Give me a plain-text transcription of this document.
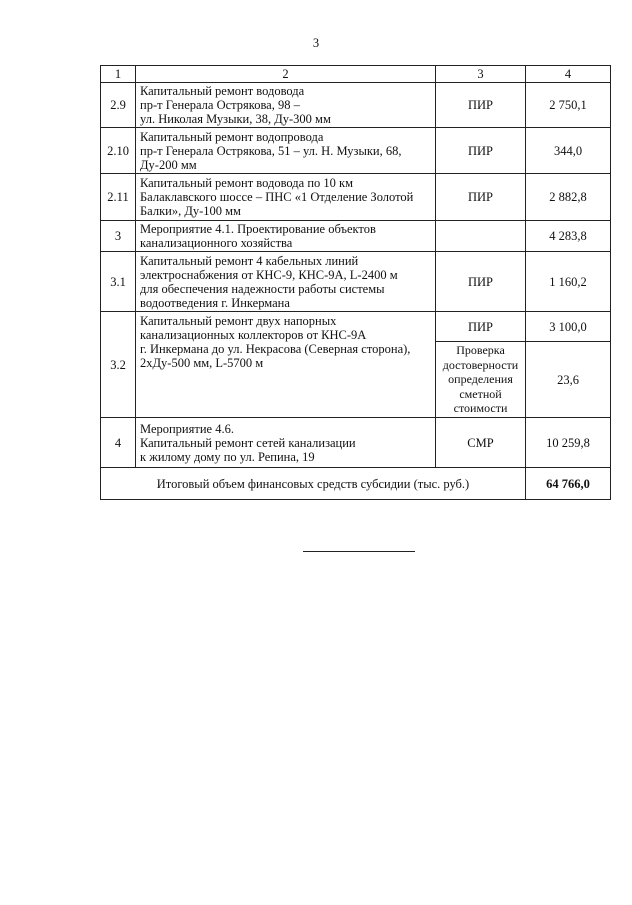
3
1	2	3	4
2.9	Капитальный ремонт водовода
пр-т Генерала Острякова, 98 –
ул. Николая Музыки, 38, Ду-300 мм	ПИР	2 750,1
2.10	Капитальный ремонт водопровода
пр-т Генерала Острякова, 51 – ул. Н. Музыки, 68,
Ду-200 мм	ПИР	344,0
2.11	Капитальный ремонт водовода по 10 км
Балаклавского шоссе – ПНС «1 Отделение Золотой
Балки», Ду-100 мм	ПИР	2 882,8
3	Мероприятие 4.1. Проектирование объектов
канализационного хозяйства		4 283,8
3.1	Капитальный ремонт 4 кабельных линий
электроснабжения от КНС-9, КНС-9А, L-2400 м
для обеспечения надежности работы системы
водоотведения г. Инкермана	ПИР	1 160,2
3.2	Капитальный ремонт двух напорных
канализационных коллекторов от КНС-9А
г. Инкермана до ул. Некрасова (Северная сторона),
2хДу-500 мм, L-5700 м	ПИР	3 100,0
		Проверка достоверности определения сметной стоимости	23,6
4	Мероприятие 4.6.
Капитальный ремонт сетей канализации
к жилому дому по ул. Репина, 19	СМР	10 259,8
Итоговый объем финансовых средств субсидии (тыс. руб.)			64 766,0
